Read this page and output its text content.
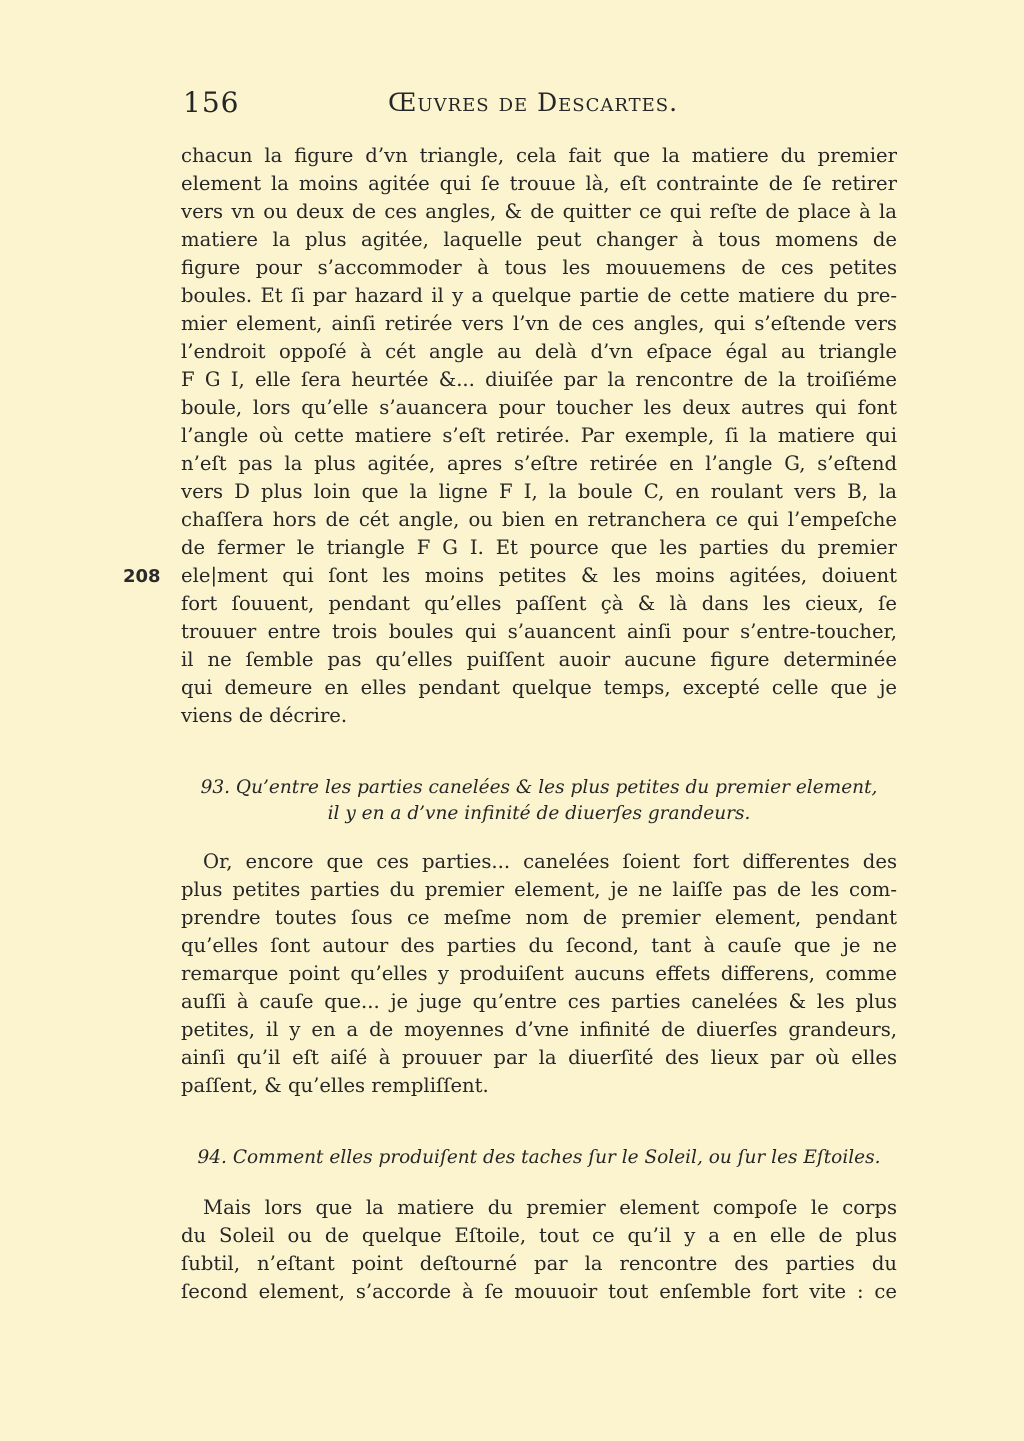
156	Œuvres de Descartes.
208
chacun la figure d’vn triangle, cela fait que la matiere du premier
element la moins agitée qui ſe trouue là, eſt contrainte de ſe retirer
vers vn ou deux de ces angles, & de quitter ce qui reſte de place à la
matiere la plus agitée, laquelle peut changer à tous momens de
figure pour s’accommoder à tous les mouuemens de ces petites
boules. Et ſi par hazard il y a quelque partie de cette matiere du pre-
mier element, ainſi retirée vers l’vn de ces angles, qui s’eſtende vers
l’endroit oppoſé à cét angle au delà d’vn eſpace égal au triangle
F G I, elle ſera heurtée &... diuiſée par la rencontre de la troiſiéme
boule, lors qu’elle s’auancera pour toucher les deux autres qui font
l’angle où cette matiere s’eſt retirée. Par exemple, ſi la matiere qui
n’eſt pas la plus agitée, apres s’eſtre retirée en l’angle G, s’eſtend
vers D plus loin que la ligne F I, la boule C, en roulant vers B, la
chaſſera hors de cét angle, ou bien en retranchera ce qui l’empeſche
de fermer le triangle F G I. Et pource que les parties du premier
ele|ment qui ſont les moins petites & les moins agitées, doiuent
fort ſouuent, pendant qu’elles paſſent çà & là dans les cieux, ſe
trouuer entre trois boules qui s’auancent ainſi pour s’entre-toucher,
il ne ſemble pas qu’elles puiſſent auoir aucune figure determinée
qui demeure en elles pendant quelque temps, excepté celle que je
viens de décrire.
93. Qu’entre les parties canelées & les plus petites du premier element,
il y en a d’vne infinité de diuerſes grandeurs.
Or, encore que ces parties... canelées ſoient fort differentes des
plus petites parties du premier element, je ne laiſſe pas de les com-
prendre toutes ſous ce meſme nom de premier element, pendant
qu’elles ſont autour des parties du ſecond, tant à cauſe que je ne
remarque point qu’elles y produiſent aucuns effets differens, comme
auſſi à cauſe que... je juge qu’entre ces parties canelées & les plus
petites, il y en a de moyennes d’vne infinité de diuerſes grandeurs,
ainſi qu’il eſt aiſé à prouuer par la diuerſité des lieux par où elles
paſſent, & qu’elles rempliſſent.
94. Comment elles produiſent des taches ſur le Soleil, ou ſur les Eſtoiles.
Mais lors que la matiere du premier element compoſe le corps
du Soleil ou de quelque Eſtoile, tout ce qu’il y a en elle de plus
ſubtil, n’eſtant point deſtourné par la rencontre des parties du
ſecond element, s’accorde à ſe mouuoir tout enſemble fort vite : ce
